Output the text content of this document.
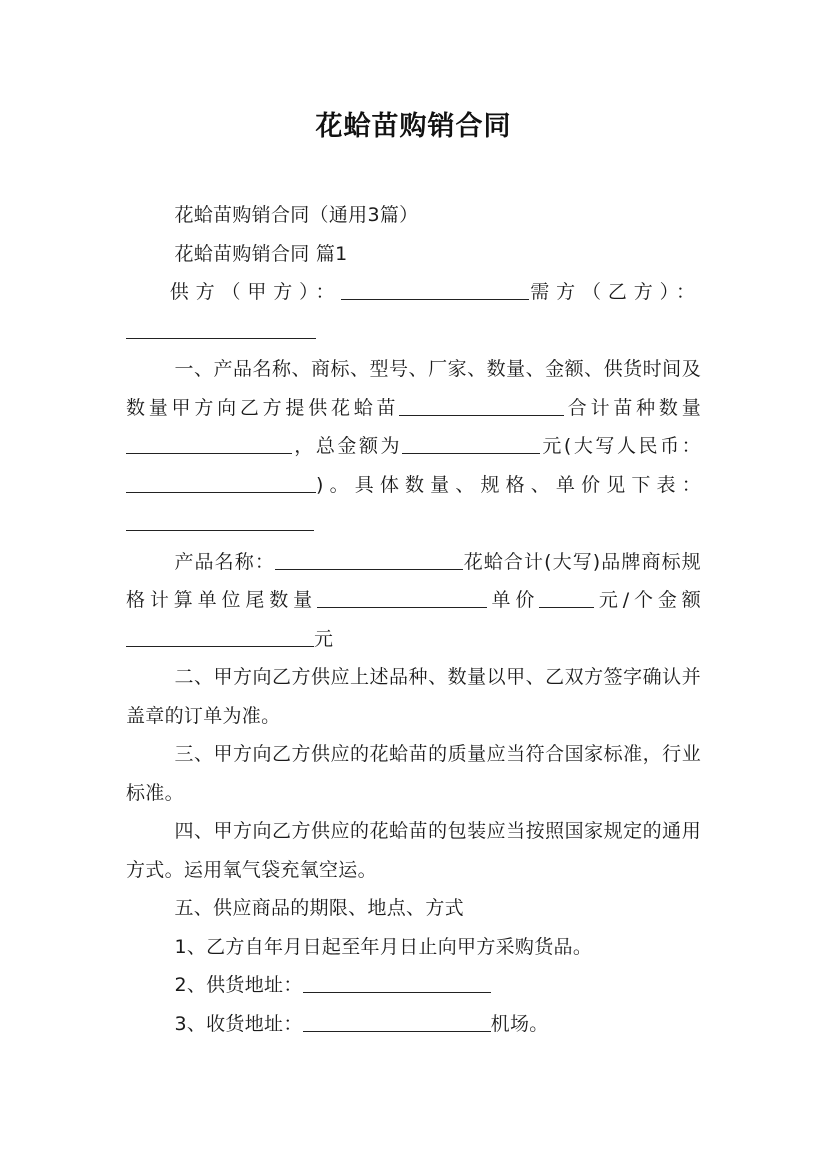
花蛤苗购销合同

花蛤苗购销合同（通用3篇）

花蛤苗购销合同 篇1

供方（甲方）：	需方（乙方）：

一、产品名称、商标、型号、厂家、数量、金额、供货时间及数量甲方向乙方提供花蛤苗	合计苗种数量，总金额为	元(大写人民币：)。具体数量、规格、单价见下表：

产品名称：	花蛤合计(大写)品牌商标规格计算单位尾数量	单价	元/个金额元

二、甲方向乙方供应上述品种、数量以甲、乙双方签字确认并盖章的订单为准。

三、甲方向乙方供应的花蛤苗的质量应当符合国家标准，行业标准。

四、甲方向乙方供应的花蛤苗的包装应当按照国家规定的通用方式。运用氧气袋充氧空运。

五、供应商品的期限、地点、方式

1、乙方自年月日起至年月日止向甲方采购货品。

2、供货地址：

3、收货地址：	机场。
